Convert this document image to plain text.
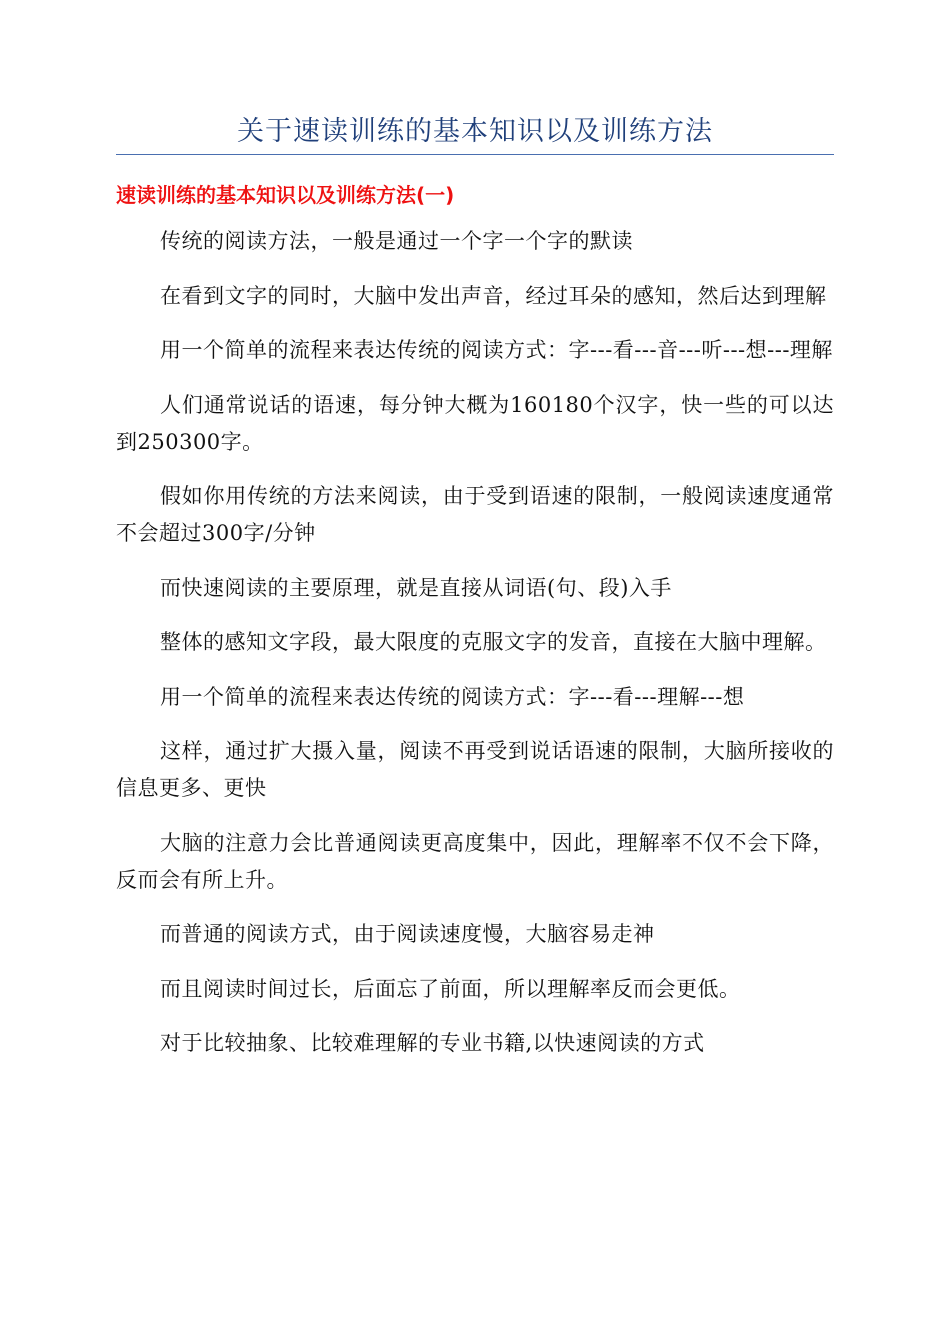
关于速读训练的基本知识以及训练方法
速读训练的基本知识以及训练方法(一)

传统的阅读方法，一般是通过一个字一个字的默读

在看到文字的同时，大脑中发出声音，经过耳朵的感知，然后达到理解

用一个简单的流程来表达传统的阅读方式：字---看---音---听---想---理解

人们通常说话的语速，每分钟大概为160180个汉字，快一些的可以达到250300字。

假如你用传统的方法来阅读，由于受到语速的限制，一般阅读速度通常不会超过300字/分钟

而快速阅读的主要原理，就是直接从词语(句、段)入手

整体的感知文字段，最大限度的克服文字的发音，直接在大脑中理解。

用一个简单的流程来表达传统的阅读方式：字---看---理解---想

这样，通过扩大摄入量，阅读不再受到说话语速的限制，大脑所接收的信息更多、更快

大脑的注意力会比普通阅读更高度集中，因此，理解率不仅不会下降，反而会有所上升。

而普通的阅读方式，由于阅读速度慢，大脑容易走神

而且阅读时间过长，后面忘了前面，所以理解率反而会更低。

对于比较抽象、比较难理解的专业书籍,以快速阅读的方式
